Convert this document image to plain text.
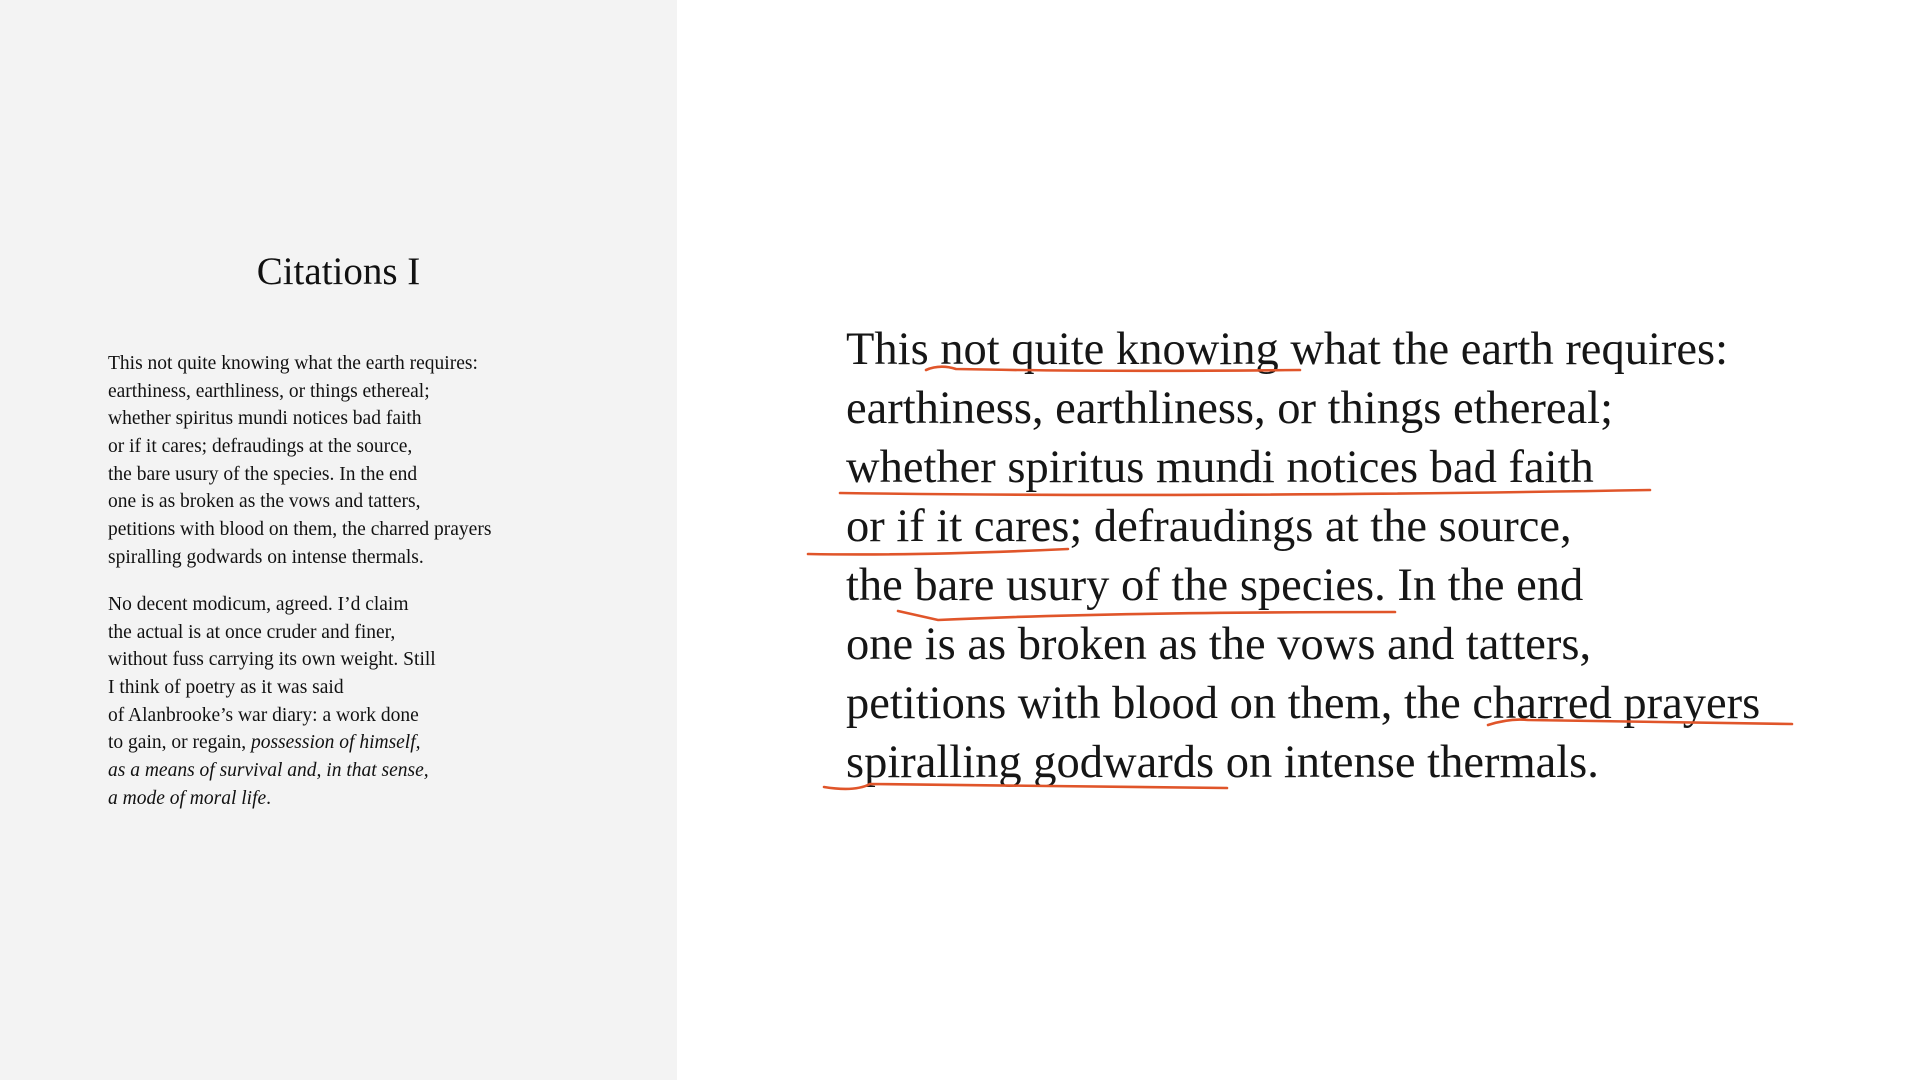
Citations I
This not quite knowing what the earth requires:
earthiness, earthliness, or things ethereal;
whether spiritus mundi notices bad faith
or if it cares; defraudings at the source,
the bare usury of the species. In the end
one is as broken as the vows and tatters,
petitions with blood on them, the charred prayers
spiralling godwards on intense thermals.
No decent modicum, agreed. I’d claim
the actual is at once cruder and finer,
without fuss carrying its own weight. Still
I think of poetry as it was said
of Alanbrooke’s war diary: a work done
to gain, or regain, possession of himself,
as a means of survival and, in that sense,
a mode of moral life.
This not quite knowing what the earth requires:
earthiness, earthliness, or things ethereal;
whether spiritus mundi notices bad faith
or if it cares; defraudings at the source,
the bare usury of the species. In the end
one is as broken as the vows and tatters,
petitions with blood on them, the charred prayers
spiralling godwards on intense thermals.
